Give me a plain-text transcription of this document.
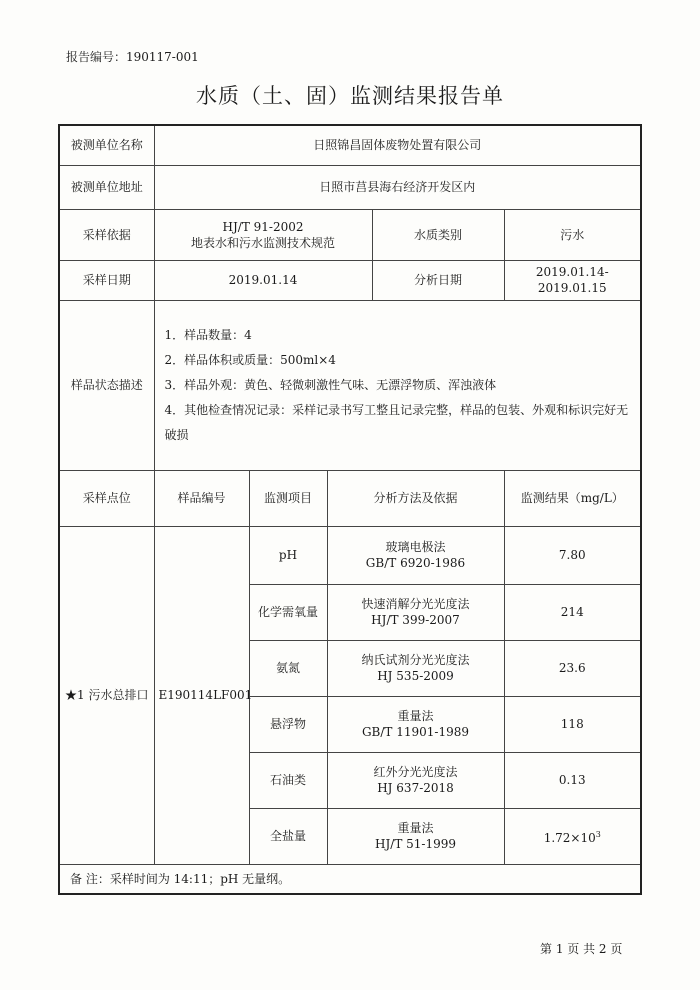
报告编号：190117-001
水质（土、固）监测结果报告单
被测单位名称	日照锦昌固体废物处置有限公司				
被测单位地址	日照市莒县海右经济开发区内				
采样依据	HJ/T 91-2002
地表水和污水监测技术规范			水质类别	污水
采样日期	2019.01.14			分析日期	2019.01.14-2019.01.15
样品状态描述	1．样品数量：4
2．样品体积或质量：500ml×4
3．样品外观：黄色、轻微刺激性气味、无漂浮物质、浑浊液体
4．其他检查情况记录：采样记录书写工整且记录完整，样品的包装、外观和标识完好无
破损				

采样点位	样品编号	监测项目	分析方法及依据		监测结果（mg/L）
★1 污水总排口	E190114LF001	pH	玻璃电极法
GB/T 6920-1986		7.80
		化学需氧量	快速消解分光光度法
HJ/T 399-2007		214
		氨氮	纳氏试剂分光光度法
HJ 535-2009		23.6
		悬浮物	重量法
GB/T 11901-1989		118
		石油类	红外分光光度法
HJ 637-2018		0.13
		全盐量	重量法
HJ/T 51-1999		$1.72\times 10^3$
备 注：采样时间为 14:11；pH 无量纲。					
第 1 页 共 2 页
